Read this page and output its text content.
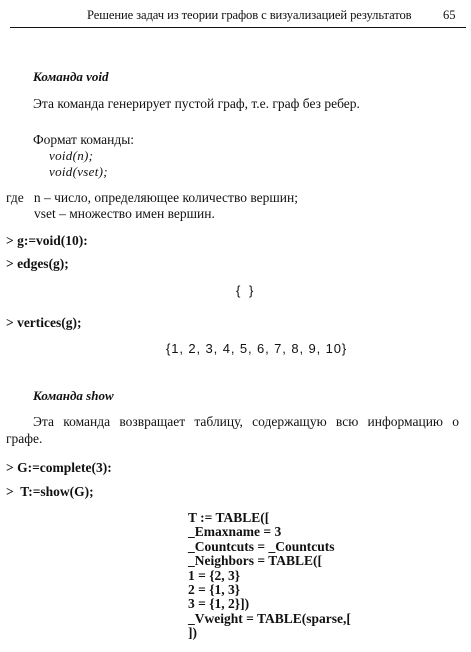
Решение задач из теории графов с визуализацией результатов 65
Команда void
Эта команда генерирует пустой граф, т.е. граф без ребер.
Формат команды:
void(n);
void(vset);
где   n – число, определяющее количество вершин;
vset – множество имен вершин.
> g:=void(10):
> edges(g);
{ }
> vertices(g);
{1, 2, 3, 4, 5, 6, 7, 8, 9, 10}
Команда show
Эта команда возвращает таблицу, содержащую всю информацию о
графе.
> G:=complete(3):
>  T:=show(G);
T := TABLE([
_Emaxname = 3
_Countcuts = _Countcuts
_Neighbors = TABLE([
1 = {2, 3}
2 = {1, 3}
3 = {1, 2}])
_Vweight = TABLE(sparse,[
])
